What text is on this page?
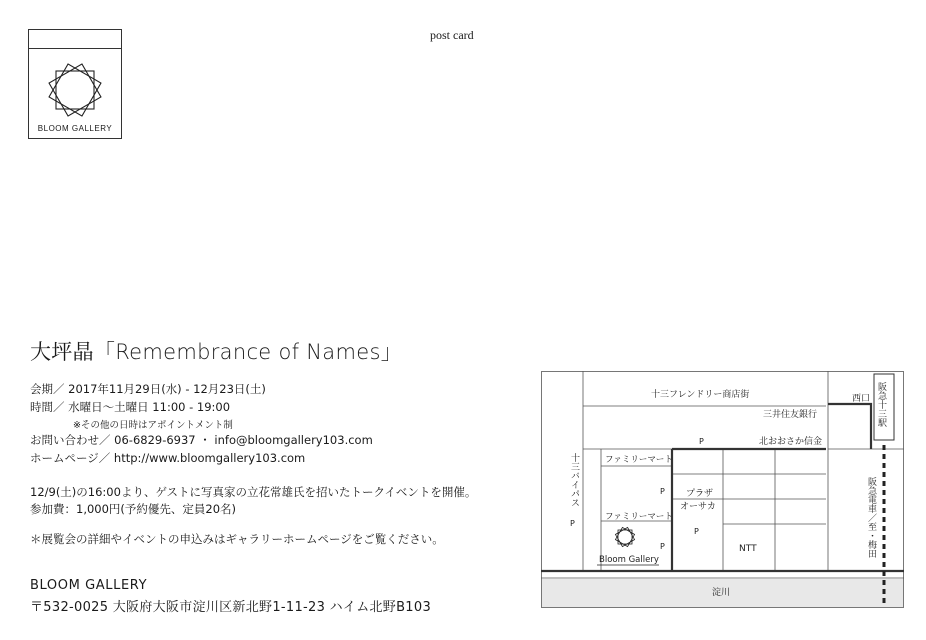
BLOOM GALLERY
post card
大坪晶「Remembrance of Names」
会期／ 2017年11月29日(水) - 12月23日(土)
時間／ 水曜日～土曜日 11:00 - 19:00
※その他の日時はアポイントメント制
お問い合わせ／ 06-6829-6937 ・ info@bloomgallery103.com
ホームページ／ http://www.bloomgallery103.com
12/9(土)の16:00より、ゲストに写真家の立花常雄氏を招いたトークイベントを開催。
参加費：1,000円(予約優先、定員20名)
＊展覧会の詳細やイベントの申込みはギャラリーホームページをご覧ください。
BLOOM GALLERY
〒532-0025 大阪府大阪市淀川区新北野1-11-23 ハイム北野B103
十三フレンドリー商店街
三井住友銀行
P	北おおさか信金
ファミリーマート
P
ファミリーマート
P
プラザ
オーサカ
P
NTT
西口 阪急十三駅
阪急電車／至・梅田
十三バイパス
P
淀川
Bloom Gallery
